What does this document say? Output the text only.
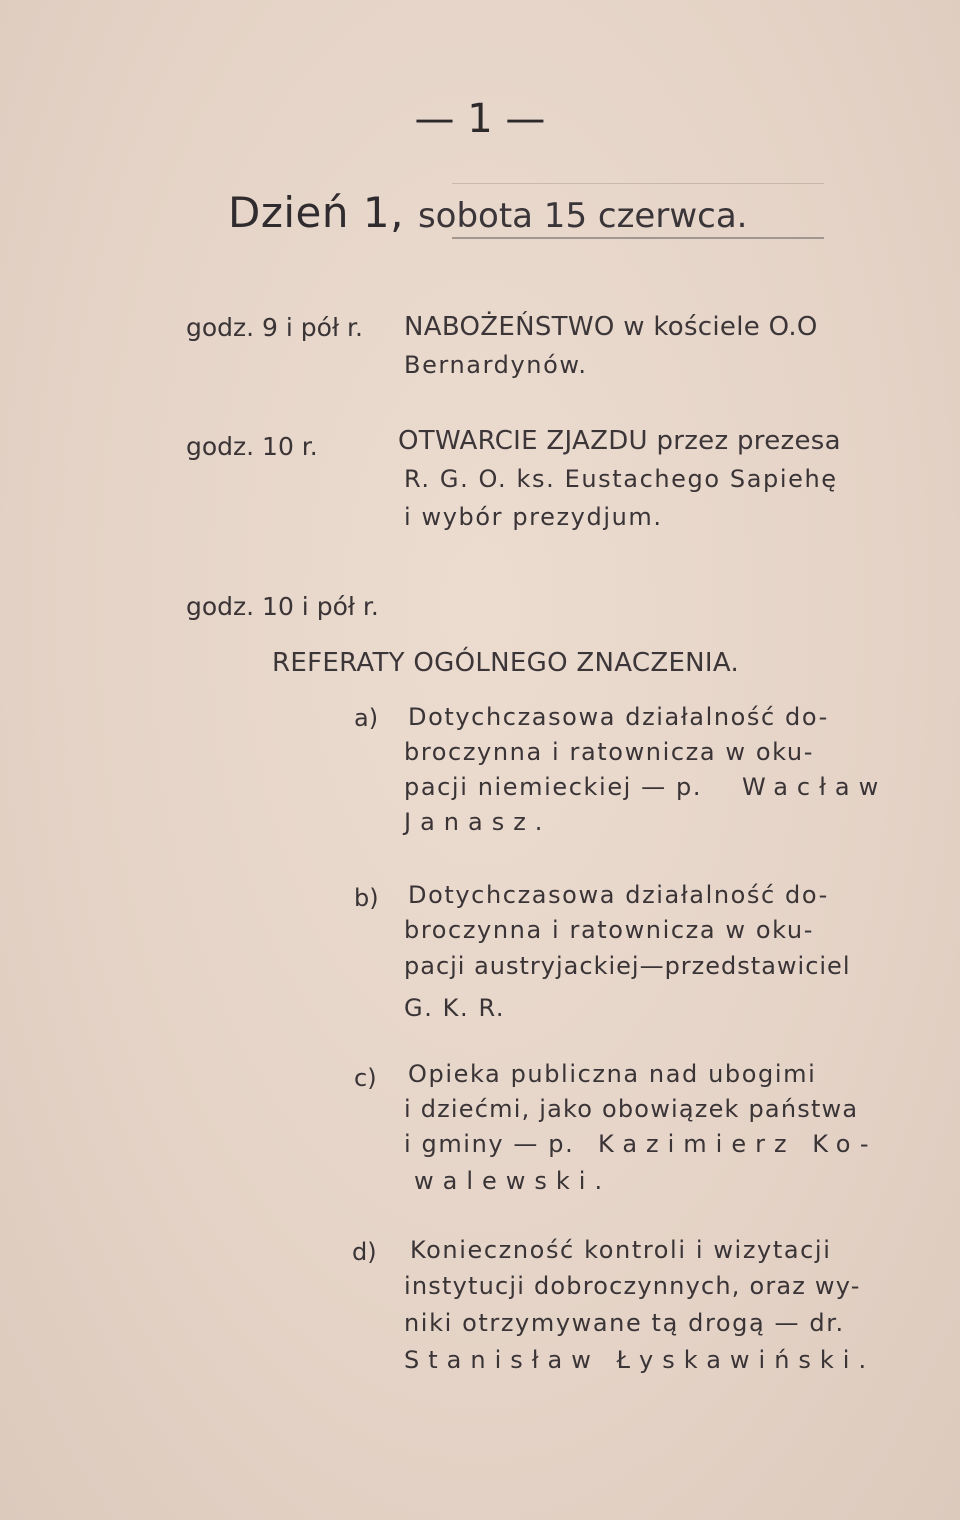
— 1 —
Dzień 1, sobota 15 czerwca.
godz. 9 i pół r. NABOŻEŃSTWO w kościele O.O
Bernardynów.
godz. 10 r.	OTWARCIE ZJAZDU przez prezesa
R. G. O. ks. Eustachego Sapiehę
i wybór prezydjum.
godz. 10 i pół r.
REFERATY OGÓLNEGO ZNACZENIA.
a) Dotychczasowa działalność do-
broczynna i ratownicza w oku-
pacji niemieckiej — p. Wacław
Janasz.
b) Dotychczasowa działalność do-
broczynna i ratownicza w oku-
pacji austryjackiej—przedstawiciel
G. K. R.
c) Opieka publiczna nad ubogimi
i dziećmi, jako obowiązek państwa
i gminy — p. Kazimierz Ko-
walewski.
d) Konieczność kontroli i wizytacji
instytucji dobroczynnych, oraz wy-
niki otrzymywane tą drogą — dr.
Stanisław Łyskawiński.
